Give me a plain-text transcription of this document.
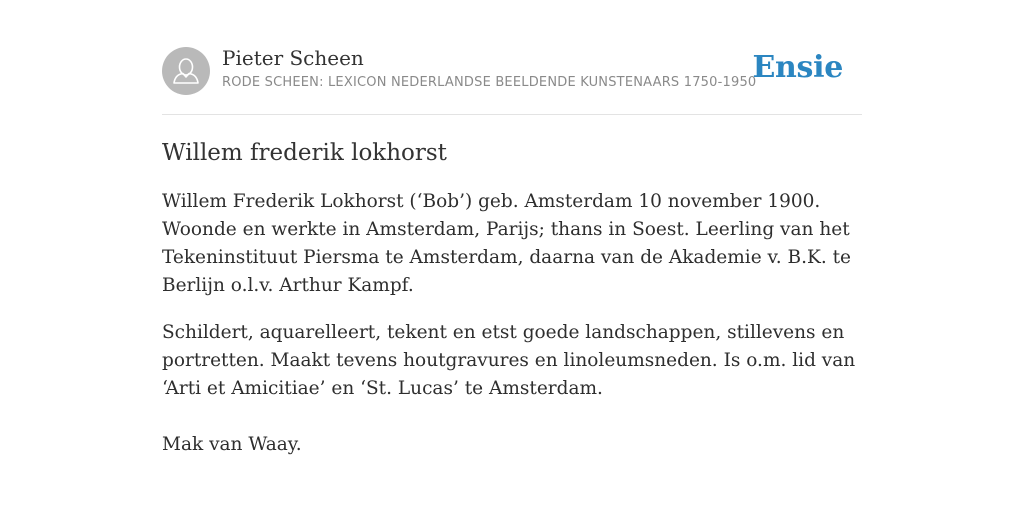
Pieter Scheen
RODE SCHEEN: LEXICON NEDERLANDSE BEELDENDE KUNSTENAARS 1750-1950
Ensie
Willem frederik lokhorst

Willem Frederik Lokhorst (‘Bob’) geb. Amsterdam 10 november 1900. Woonde en werkte in Amsterdam, Parijs; thans in Soest. Leerling van het Tekeninstituut Piersma te Amsterdam, daarna van de Akademie v. B.K. te Berlijn o.l.v. Arthur Kampf.

Schildert, aquarelleert, tekent en etst goede landschappen, stillevens en portretten. Maakt tevens houtgravures en linoleumsneden. Is o.m. lid van ‘Arti et Amicitiae’ en ‘St. Lucas’ te Amsterdam.

Mak van Waay.
